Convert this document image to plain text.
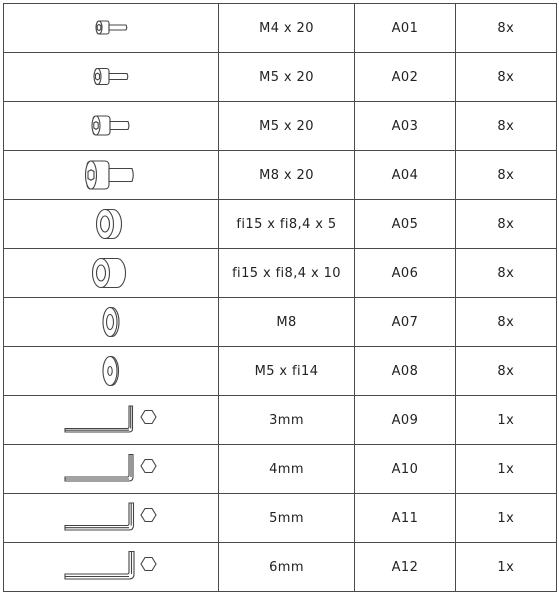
	M4 x 20	A01	8x

	M5 x 20	A02	8x

	M5 x 20	A03	8x

	M8 x 20	A04	8x

	fi15 x fi8,4 x 5	A05	8x

	fi15 x fi8,4 x 10	A06	8x

	M8	A07	8x

	M5 x fi14	A08	8x

	3mm	A09	1x

	4mm	A10	1x

	5mm	A11	1x

	6mm	A12	1x
